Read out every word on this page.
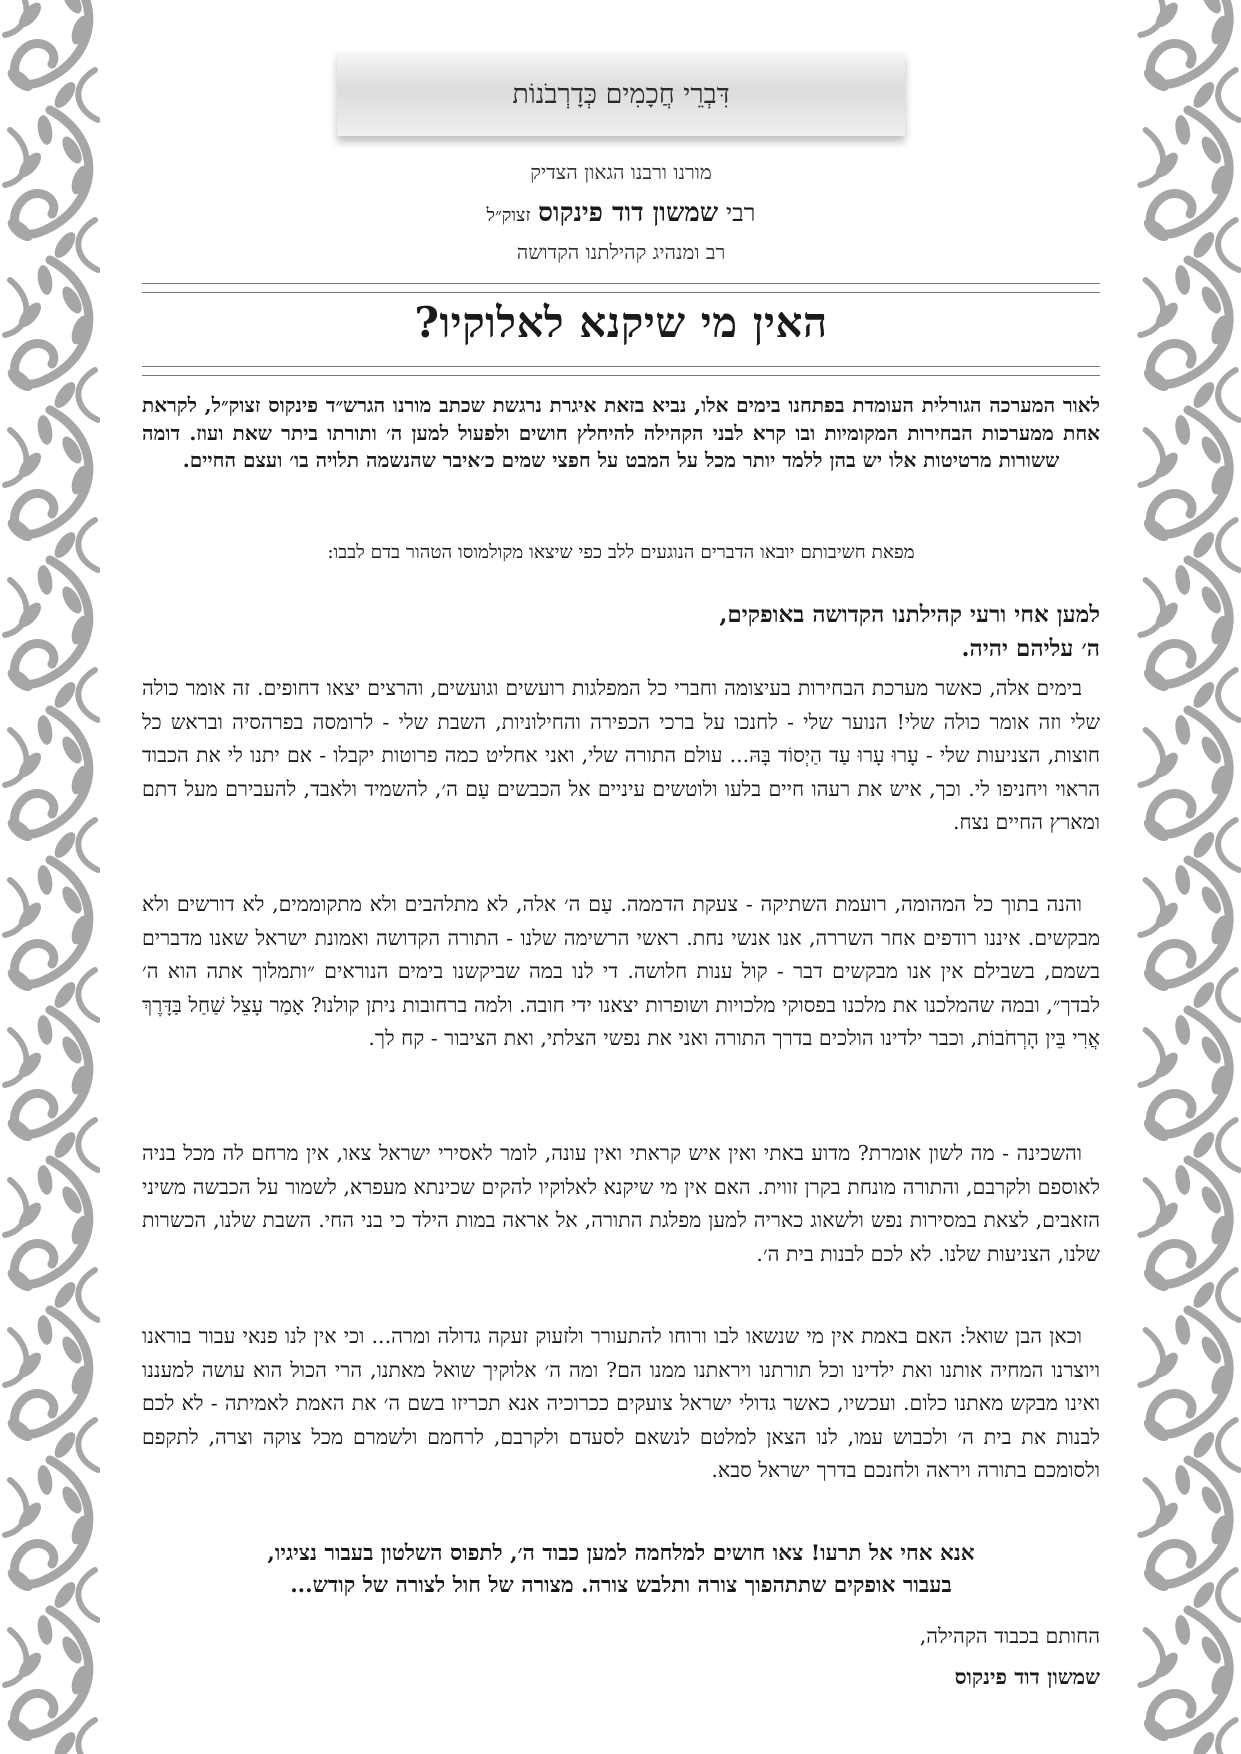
דִּבְרֵי חֲכָמִים כְּדָרְבֹנוֹת
מורנו ורבנו הגאון הצדיק
רבי שמשון דוד פינקוס זצוק״ל
רב ומנהיג קהילתנו הקדושה
האין מי שיקנא לאלוקיו?
לאור המערכה הגורלית העומדת בפתחנו בימים אלו, נביא בזאת איגרת נרגשת שכתב מורנו הגרש״ד פינקוס זצוק״ל, לקראת אחת ממערכות הבחירות המקומיות ובו קרא לבני הקהילה להיחלץ חושים ולפעול למען ה׳ ותורתו ביתר שאת ועוז. דומה ששורות מרטיטות אלו יש בהן ללמד יותר מכל על המבט על חפצי שמים כ׳איבר שהנשמה תלויה בו׳ ועצם החיים.
מפאת חשיבותם יובאו הדברים הנוגעים ללב כפי שיצאו מקולמוסו הטהור בדם לבבו:
למען אחי ורעי קהילתנו הקדושה באופקים,
ה׳ עליהם יהיה.
בימים אלה, כאשר מערכת הבחירות בעיצומה וחברי כל המפלגות רועשים וגועשים, והרצים יצאו דחופים. זה אומר כולה שלי וזה אומר כולה שלי! הנוער שלי - לחנכו על ברכי הכפירה והחילוניות, השבת שלי - לרומסה בפרהסיה ובראש כל חוצות, הצניעות שלי - עָרוּ עָרוּ עַד הַיְסוֹד בָּהּ... עולם התורה שלי, ואני אחליט כמה פרוטות יקבלו - אם יתנו לי את הכבוד הראוי ויחניפו לי. וכך, איש את רעהו חיים בלעו ולוטשים עיניים אל הכבשים עַם ה׳, להשמיד ולאבד, להעבירם מעל דתם ומארץ החיים נצח.
והנה בתוך כל המהומה, רועמת השתיקה - צעקת הדממה. עַם ה׳ אלה, לא מתלהבים ולא מתקוממים, לא דורשים ולא מבקשים. איננו רודפים אחר השררה, אנו אנשי נחת. ראשי הרשימה שלנו - התורה הקדושה ואמונת ישראל שאנו מדברים בשמם, בשבילם אין אנו מבקשים דבר - קול ענות חלושה. די לנו במה שביקשנו בימים הנוראים ״ותמלוך אתה הוא ה׳ לבדך״, ובמה שהמלכנו את מלכנו בפסוקי מלכויות ושופרות יצאנו ידי חובה. ולמה ברחובות ניתן קולנו? אָמַר עָצֵל שַׁחַל בַּדָּרֶךְ אֲרִי בֵּין הָרְחֹבוֹת, וכבר ילדינו הולכים בדרך התורה ואני את נפשי הצלתי, ואת הציבור - קח לך.
והשכינה - מה לשון אומרת? מדוע באתי ואין איש קראתי ואין עונה, לומר לאסירי ישראל צאו, אין מרחם לה מכל בניה לאוספם ולקרבם, והתורה מונחת בקרן זווית. האם אין מי שיקנא לאלוקיו להקים שכינתא מעפרא, לשמור על הכבשה משיני הזאבים, לצאת במסירות נפש ולשאוג כאריה למען מפלגת התורה, אל אראה במות הילד כי בני החי. השבת שלנו, הכשרות שלנו, הצניעות שלנו. לא לכם לבנות בית ה׳.
וכאן הבן שואל: האם באמת אין מי שנשאו לבו ורוחו להתעורר ולזעוק זעקה גדולה ומרה... וכי אין לנו פנאי עבור בוראנו ויוצרנו המחיה אותנו ואת ילדינו וכל תורתנו ויראתנו ממנו הם? ומה ה׳ אלוקיך שואל מאתנו, הרי הכול הוא עושה למעננו ואינו מבקש מאתנו כלום. ועכשיו, כאשר גדולי ישראל צועקים ככרוכיה אנא תכריזו בשם ה׳ את האמת לאמיתה - לא לכם לבנות את בית ה׳ ולכבוש עמו, לנו הצאן למלטם לנשאם לסעדם ולקרבם, לרחמם ולשמרם מכל צוקה וצרה, לתקפם ולסומכם בתורה ויראה ולחנכם בדרך ישראל סבא.
אנא אחי אל תרעו! צאו חושים למלחמה למען כבוד ה׳, לתפוס השלטון בעבור נציגיו,
בעבור אופקים שתתהפוך צורה ותלבש צורה. מצורה של חול לצורה של קודש...
החותם בכבוד הקהילה,
שמשון דוד פינקוס
